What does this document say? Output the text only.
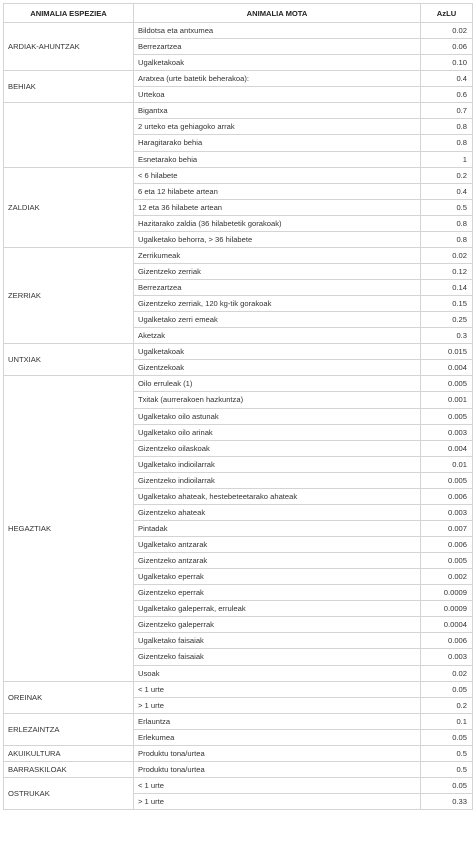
ANIMALIA ESPEZIEA	ANIMALIA MOTA	AzLU
ARDIAK-AHUNTZAK	Bildotsa eta antxumea	0.02
	Berrezartzea	0.06
	Ugalketakoak	0.10
BEHIAK	Aratxea (urte batetik beherakoa):	0.4
	Urtekoa	0.6
	Bigantxa	0.7
	2 urteko eta gehiagoko arrak	0.8
	Haragitarako behia	0.8
	Esnetarako behia	1
ZALDIAK	< 6 hilabete	0.2
	6 eta 12 hilabete artean	0.4
	12 eta 36 hilabete artean	0.5
	Hazitarako zaldia (36 hilabetetik gorakoak)	0.8
	Ugalketako behorra, > 36 hilabete	0.8
ZERRIAK	Zerrikumeak	0.02
	Gizentzeko zerriak	0.12
	Berrezartzea	0.14
	Gizentzeko zerriak, 120 kg-tik gorakoak	0.15
	Ugalketako zerri emeak	0.25
	Aketzak	0.3
UNTXIAK	Ugalketakoak	0.015
	Gizentzekoak	0.004
HEGAZTIAK	Oilo erruleak (1)	0.005
	Txitak (aurrerakoen hazkuntza)	0.001
	Ugalketako oilo astunak	0.005
	Ugalketako oilo arinak	0.003
	Gizentzeko oilaskoak	0.004
	Ugalketako indioilarrak	0.01
	Gizentzeko indioilarrak	0.005
	Ugalketako ahateak, hestebeteetarako ahateak	0.006
	Gizentzeko ahateak	0.003
	Pintadak	0.007
	Ugalketako antzarak	0.006
	Gizentzeko antzarak	0.005
	Ugalketako eperrak	0.002
	Gizentzeko eperrak	0.0009
	Ugalketako galeperrak, erruleak	0.0009
	Gizentzeko galeperrak	0.0004
	Ugalketako faisaiak	0.006
	Gizentzeko faisaiak	0.003
	Usoak	0.02
OREINAK	< 1 urte	0.05
	> 1 urte	0.2
ERLEZAINTZA	Erlauntza	0.1
	Erlekumea	0.05
AKUIKULTURA	Produktu tona/urtea	0.5
BARRASKILOAK	Produktu tona/urtea	0.5
OSTRUKAK	< 1 urte	0.05
	> 1 urte	0.33
